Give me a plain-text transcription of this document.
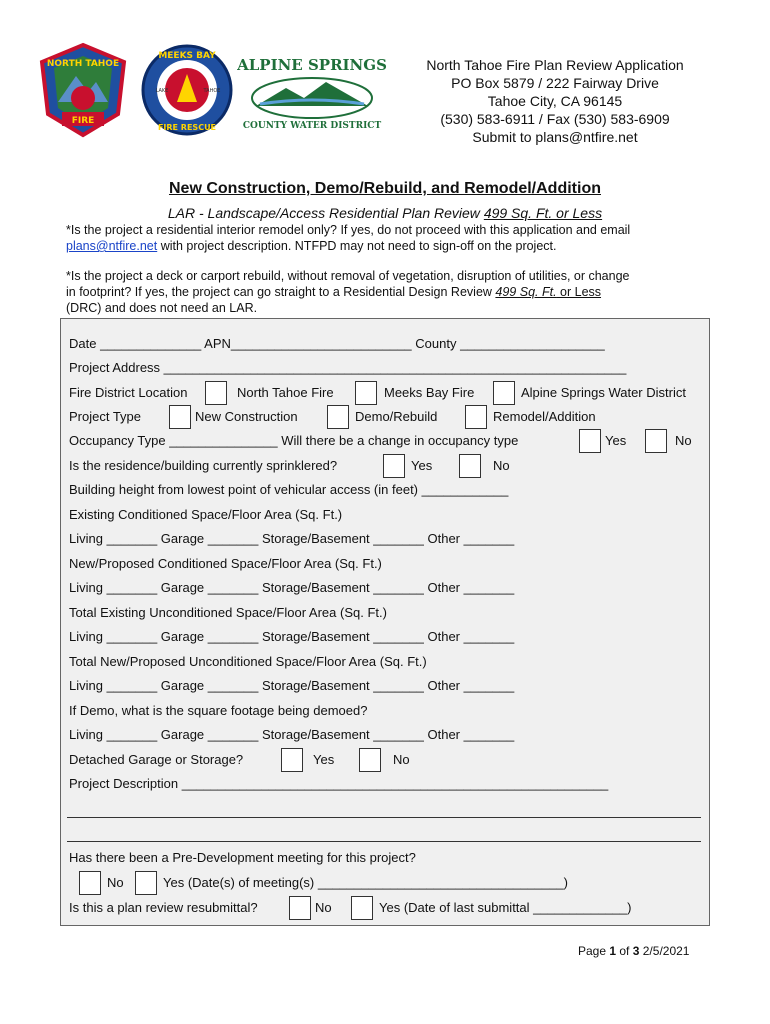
NORTH TAHOE
FIRE
MEEKS BAY
FIRE RESCUE
LAKE	TAHOE
ALPINE SPRINGS
COUNTY WATER DISTRICT
North Tahoe Fire Plan Review Application
PO Box 5879 / 222 Fairway Drive
Tahoe City, CA 96145
(530) 583-6911 / Fax (530) 583-6909
Submit to plans@ntfire.net
New Construction, Demo/Rebuild, and Remodel/Addition
LAR - Landscape/Access Residential Plan Review 499 Sq. Ft. or Less
*Is the project a residential interior remodel only? If yes, do not proceed with this application and email
plans@ntfire.net with project description. NTFPD may not need to sign-off on the project.
*Is the project a deck or carport rebuild, without removal of vegetation, disruption of utilities, or change
in footprint? If yes, the project can go straight to a Residential Design Review 499 Sq. Ft. or Less
(DRC) and does not need an LAR.
Date ______________ APN_________________________ County ____________________
Project Address ________________________________________________________________
Fire District Location	North Tahoe Fire	Meeks Bay Fire	Alpine Springs Water District
Project Type	New Construction	Demo/Rebuild	Remodel/Addition
Occupancy Type _______________ Will there be a change in occupancy type	Yes	No
Is the residence/building currently sprinklered?	Yes	No
Building height from lowest point of vehicular access (in feet) ____________
Existing Conditioned Space/Floor Area (Sq. Ft.)
Living _______ Garage _______ Storage/Basement _______ Other _______
New/Proposed Conditioned Space/Floor Area (Sq. Ft.)
Living _______ Garage _______ Storage/Basement _______ Other _______
Total Existing Unconditioned Space/Floor Area (Sq. Ft.)
Living _______ Garage _______ Storage/Basement _______ Other _______
Total New/Proposed Unconditioned Space/Floor Area (Sq. Ft.)
Living _______ Garage _______ Storage/Basement _______ Other _______
If Demo, what is the square footage being demoed?
Living _______ Garage _______ Storage/Basement _______ Other _______
Detached Garage or Storage?	Yes	No
Project Description ___________________________________________________________
Has there been a Pre-Development meeting for this project?
No	Yes (Date(s) of meeting(s) __________________________________)
Is this a plan review resubmittal?	No	Yes (Date of last submittal _____________)
Page 1 of 3 2/5/2021
